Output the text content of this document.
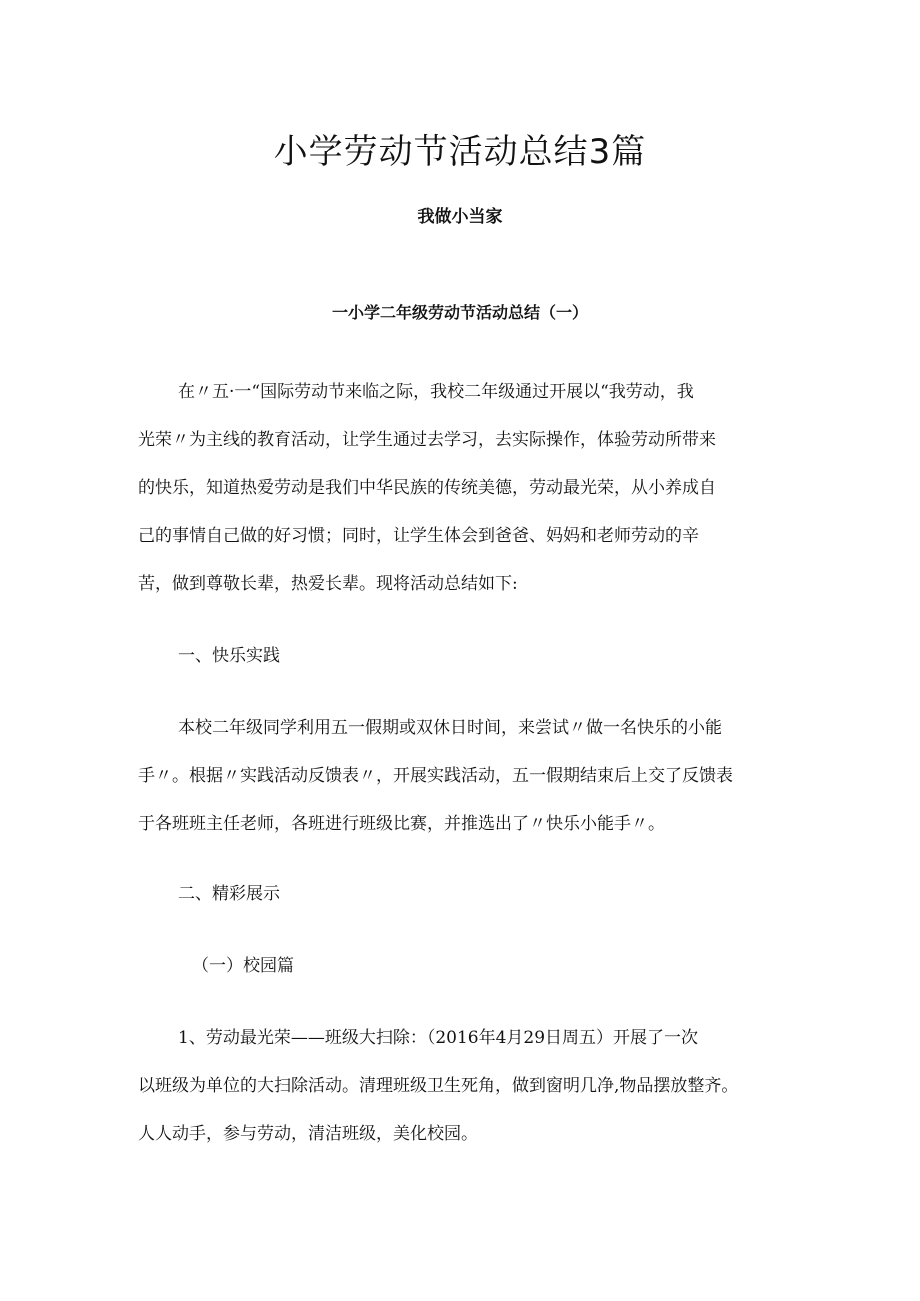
小学劳动节活动总结3篇
我做小当家
一小学二年级劳动节活动总结（一）

在〃五·一“国际劳动节来临之际，我校二年级通过开展以“我劳动，我

光荣〃为主线的教育活动，让学生通过去学习，去实际操作，体验劳动所带来

的快乐，知道热爱劳动是我们中华民族的传统美德，劳动最光荣，从小养成自

己的事情自己做的好习惯；同时，让学生体会到爸爸、妈妈和老师劳动的辛

苦，做到尊敬长辈，热爱长辈。现将活动总结如下:

一、快乐实践

本校二年级同学利用五一假期或双休日时间，来尝试〃做一名快乐的小能

手〃。根据〃实践活动反馈表〃，开展实践活动，五一假期结束后上交了反馈表

于各班班主任老师，各班进行班级比赛，并推选出了〃快乐小能手〃。

二、精彩展示

（一）校园篇

1、劳动最光荣——班级大扫除：（2016年4月29日周五）开展了一次

以班级为单位的大扫除活动。清理班级卫生死角，做到窗明几净,物品摆放整齐。

人人动手，参与劳动，清洁班级，美化校园。
